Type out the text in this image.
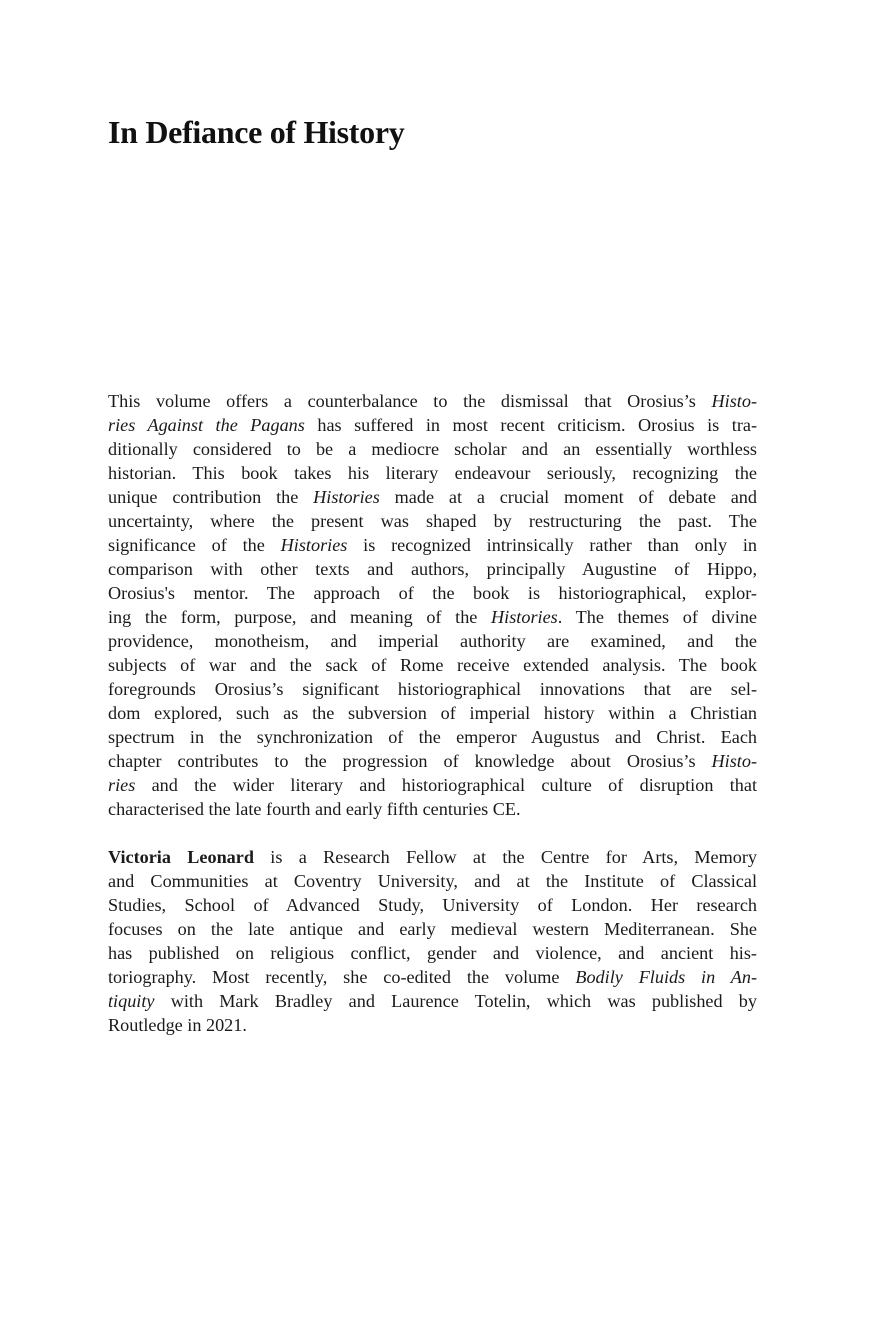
In Defiance of History
This volume offers a counterbalance to the dismissal that Orosius’s Histo-
ries Against the Pagans has suffered in most recent criticism. Orosius is tra-
ditionally considered to be a mediocre scholar and an essentially worthless
historian. This book takes his literary endeavour seriously, recognizing the
unique contribution the Histories made at a crucial moment of debate and
uncertainty, where the present was shaped by restructuring the past. The
significance of the Histories is recognized intrinsically rather than only in
comparison with other texts and authors, principally Augustine of Hippo,
Orosius's mentor. The approach of the book is historiographical, explor-
ing the form, purpose, and meaning of the Histories. The themes of divine
providence, monotheism, and imperial authority are examined, and the
subjects of war and the sack of Rome receive extended analysis. The book
foregrounds Orosius’s significant historiographical innovations that are sel-
dom explored, such as the subversion of imperial history within a Christian
spectrum in the synchronization of the emperor Augustus and Christ. Each
chapter contributes to the progression of knowledge about Orosius’s Histo-
ries and the wider literary and historiographical culture of disruption that
characterised the late fourth and early fifth centuries CE.
Victoria Leonard is a Research Fellow at the Centre for Arts, Memory
and Communities at Coventry University, and at the Institute of Classical
Studies, School of Advanced Study, University of London. Her research
focuses on the late antique and early medieval western Mediterranean. She
has published on religious conflict, gender and violence, and ancient his-
toriography. Most recently, she co-edited the volume Bodily Fluids in An-
tiquity with Mark Bradley and Laurence Totelin, which was published by
Routledge in 2021.
